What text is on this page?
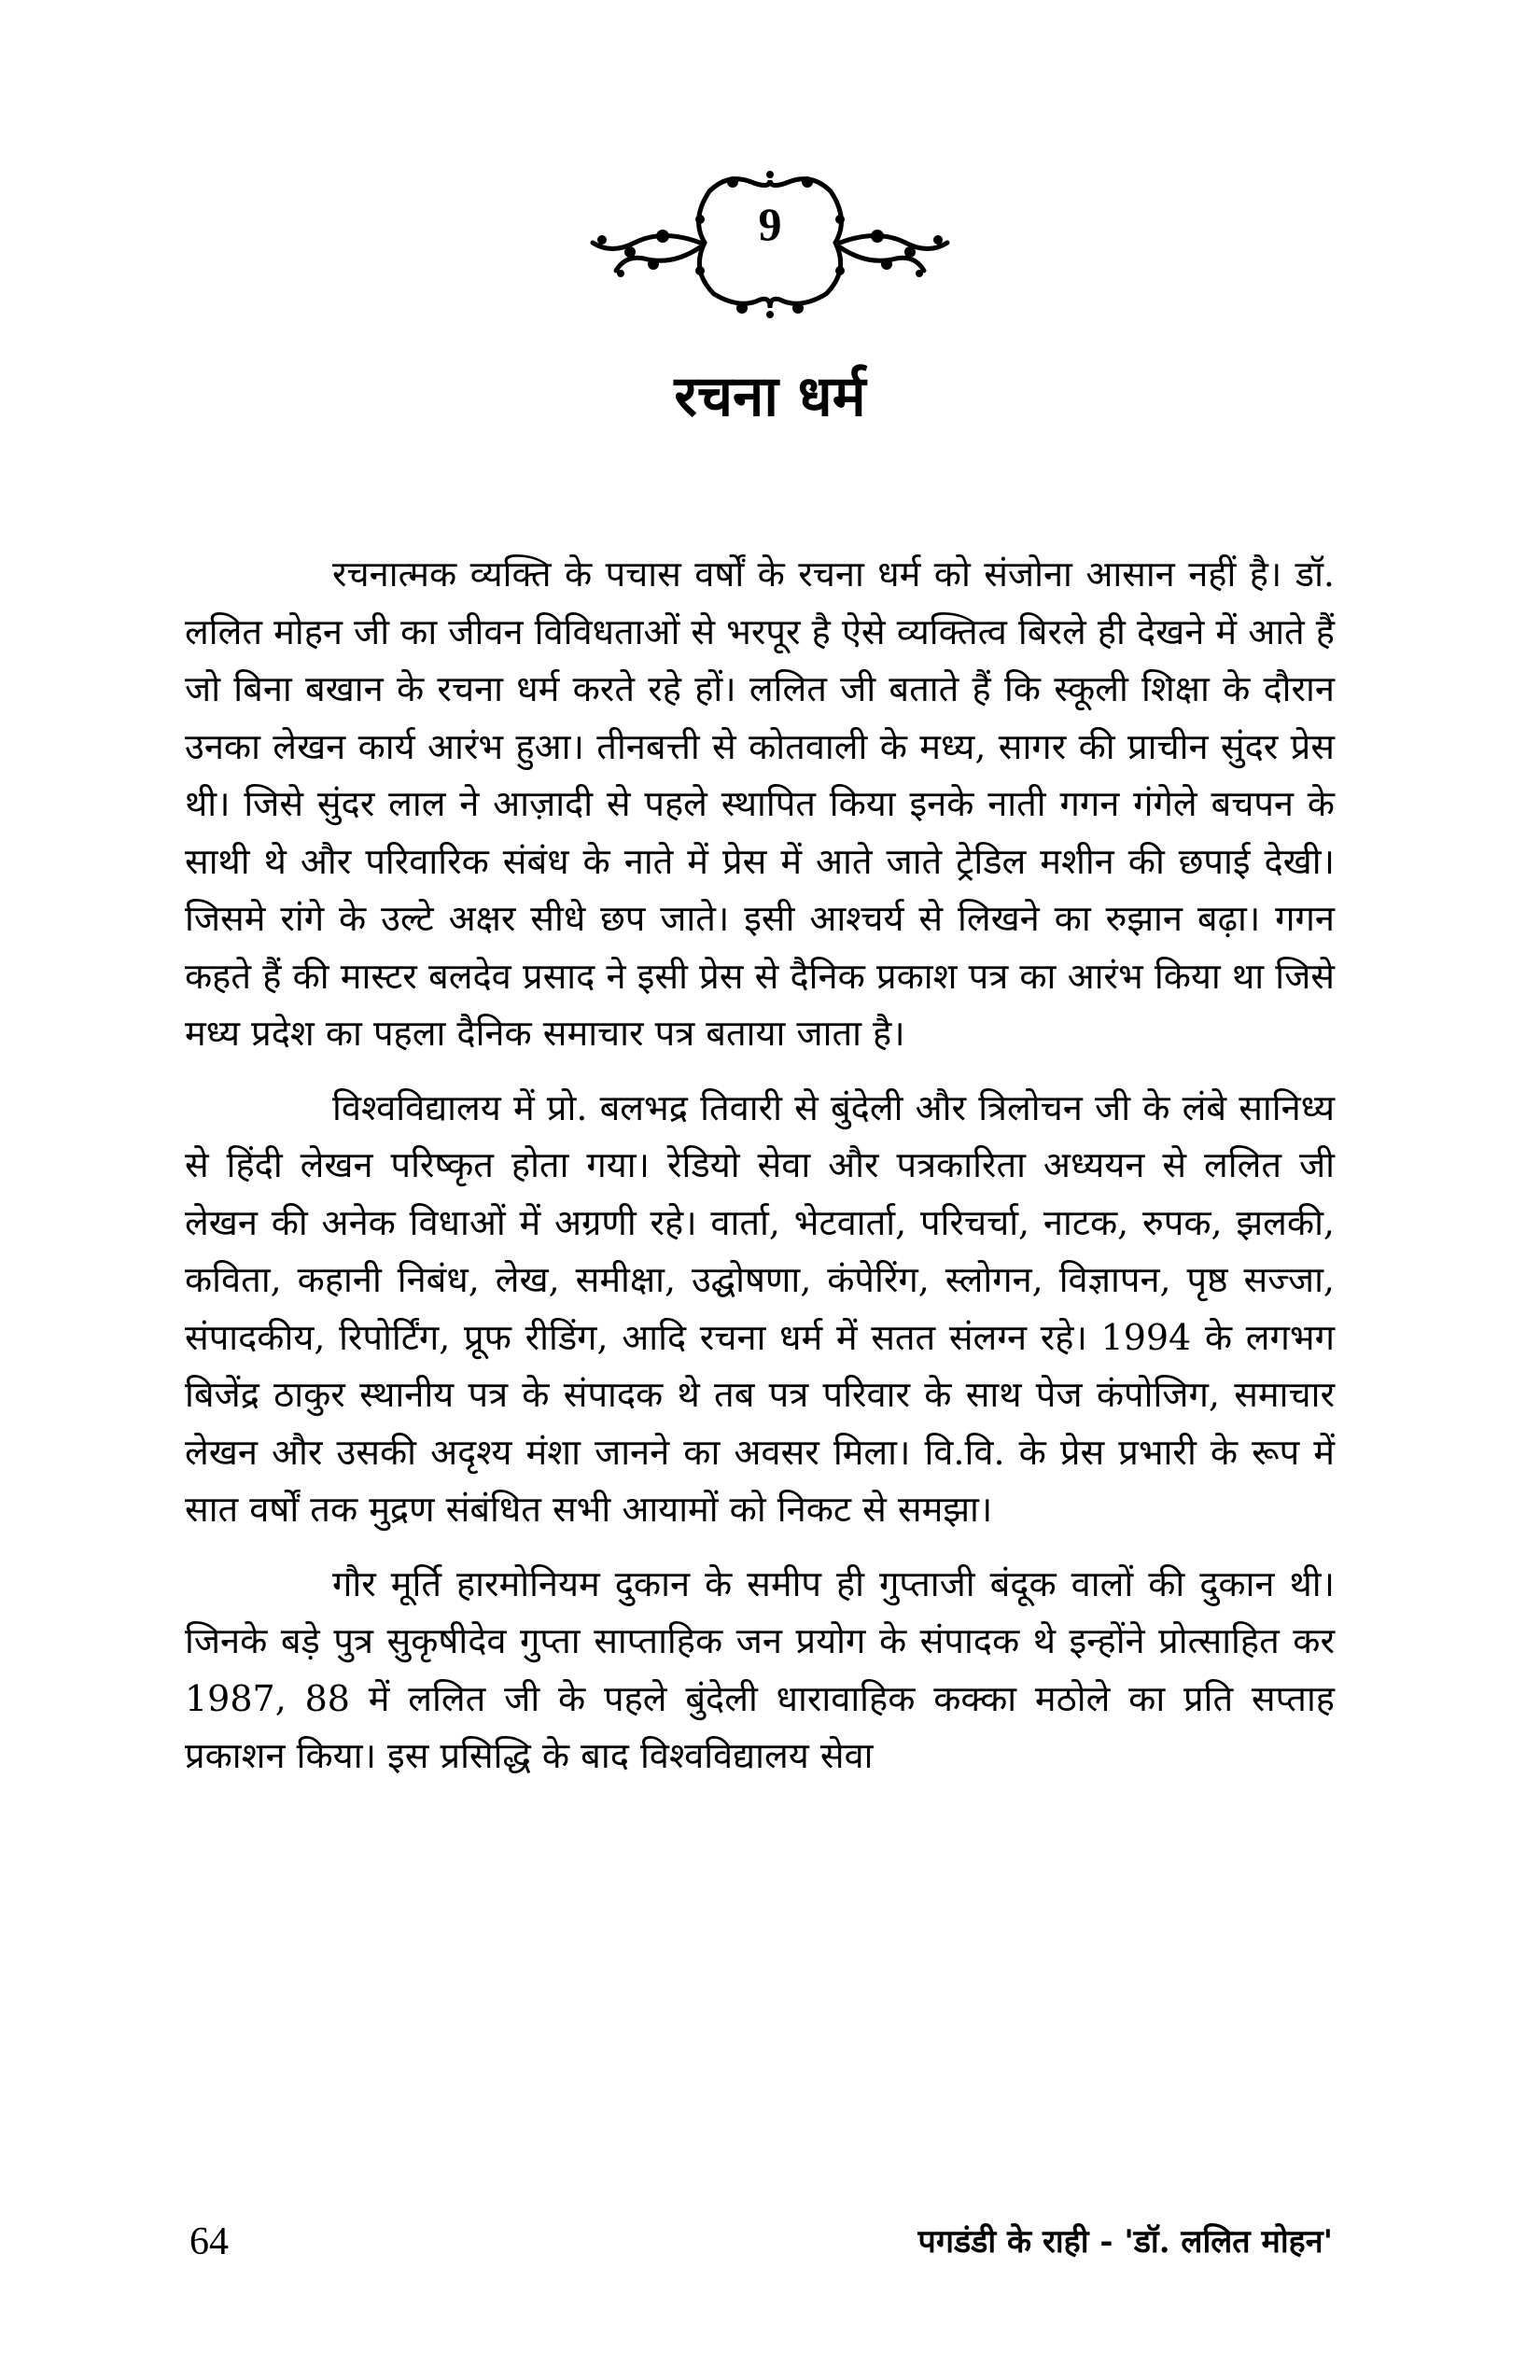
9
रचना धर्म

रचनात्मक व्यक्ति के पचास वर्षों के रचना धर्म को संजोना आसान नहीं है। डॉ. ललित मोहन जी का जीवन विविधताओं से भरपूर है ऐसे व्यक्तित्व बिरले ही देखने में आते हैं जो बिना बखान के रचना धर्म करते रहे हों। ललित जी बताते हैं कि स्कूली शिक्षा के दौरान उनका लेखन कार्य आरंभ हुआ। तीनबत्ती से कोतवाली के मध्य, सागर की प्राचीन सुंदर प्रेस थी। जिसे सुंदर लाल ने आज़ादी से पहले स्थापित किया इनके नाती गगन गंगेले बचपन के साथी थे और परिवारिक संबंध के नाते में प्रेस में आते जाते ट्रेडिल मशीन की छपाई देखी। जिसमे रांगे के उल्टे अक्षर सीधे छप जाते। इसी आश्चर्य से लिखने का रुझान बढ़ा। गगन कहते हैं की मास्टर बलदेव प्रसाद ने इसी प्रेस से दैनिक प्रकाश पत्र का आरंभ किया था जिसे मध्य प्रदेश का पहला दैनिक समाचार पत्र बताया जाता है।

विश्वविद्यालय में प्रो. बलभद्र तिवारी से बुंदेली और त्रिलोचन जी के लंबे सानिध्य से हिंदी लेखन परिष्कृत होता गया। रेडियो सेवा और पत्रकारिता अध्ययन से ललित जी लेखन की अनेक विधाओं में अग्रणी रहे। वार्ता, भेटवार्ता, परिचर्चा, नाटक, रुपक, झलकी, कविता, कहानी निबंध, लेख, समीक्षा, उद्घोषणा, कंपेरिंग, स्लोगन, विज्ञापन, पृष्ठ सज्जा, संपादकीय, रिपोर्टिंग, प्रूफ रीडिंग, आदि रचना धर्म में सतत संलग्न रहे। 1994 के लगभग बिजेंद्र ठाकुर स्थानीय पत्र के संपादक थे तब पत्र परिवार के साथ पेज कंपोजिग, समाचार लेखन और उसकी अदृश्य मंशा जानने का अवसर मिला। वि.वि. के प्रेस प्रभारी के रूप में सात वर्षों तक मुद्रण संबंधित सभी आयामों को निकट से समझा।

गौर मूर्ति हारमोनियम दुकान के समीप ही गुप्ताजी बंदूक वालों की दुकान थी। जिनके बड़े पुत्र सुकृषीदेव गुप्ता साप्ताहिक जन प्रयोग के संपादक थे इन्होंने प्रोत्साहित कर 1987, 88 में ललित जी के पहले बुंदेली धारावाहिक कक्का मठोले का प्रति सप्ताह प्रकाशन किया। इस प्रसिद्धि के बाद विश्वविद्यालय सेवा

64	पगडंडी के राही - 'डॉ. ललित मोहन'
